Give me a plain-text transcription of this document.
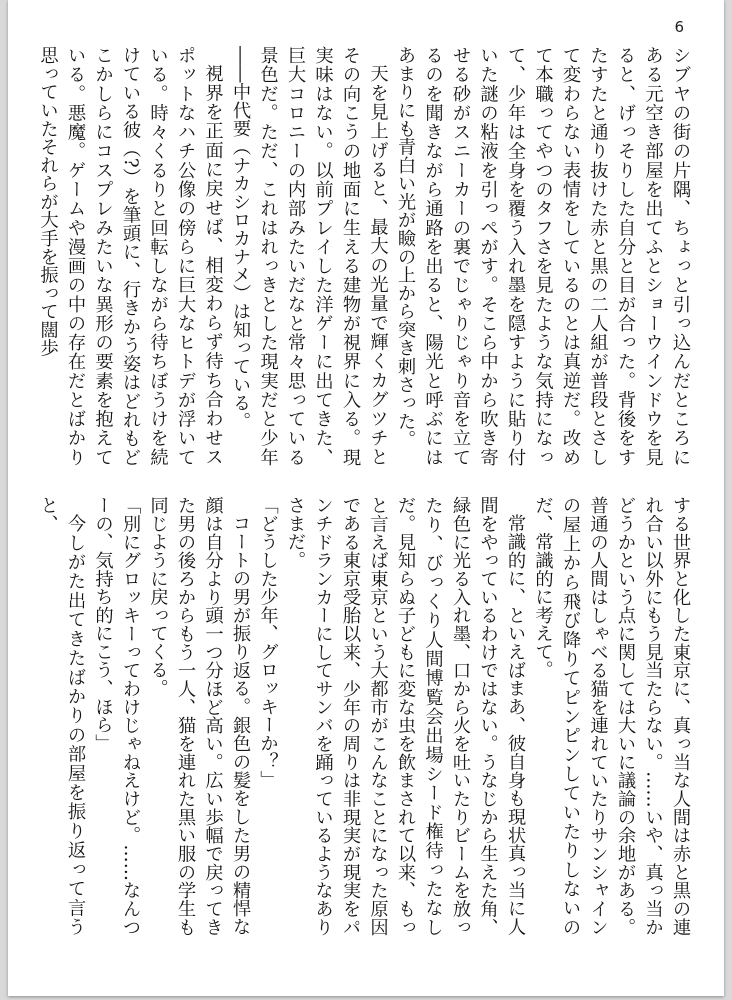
6

シブヤの街の片隅、ちょっと引っ込んだところにある元空き部屋を出てふとショーウインドウを見ると、げっそりした自分と目が合った。背後をすたすたと通り抜けた赤と黒の二人組が普段とさして変わらない表情をしているのとは真逆だ。改めて本職ってやつのタフさを見たような気持になって、少年は全身を覆う入れ墨を隠すように貼り付いた謎の粘液を引っぺがす。そこら中から吹き寄せる砂がスニーカーの裏でじゃりじゃり音を立てるのを聞きながら通路を出ると、陽光と呼ぶにはあまりにも青白い光が瞼の上から突き刺さった。

天を見上げると、最大の光量で輝くカグツチとその向こうの地面に生える建物が視界に入る。現実味はない。以前プレイした洋ゲーに出てきた、巨大コロニーの内部みたいだなと常々思っている景色だ。ただ、これはれっきとした現実だと少年――中代要（ナカシロカナメ）は知っている。

視界を正面に戻せば、相変わらず待ち合わせスポットなハチ公像の傍らに巨大なヒトデが浮いている。時々くるりと回転しながら待ちぼうけを続けている彼（?）を筆頭に、行きかう姿はどれもどこかしらにコスプレみたいな異形の要素を抱えている。悪魔。ゲームや漫画の中の存在だとばかり思っていたそれらが大手を振って闊歩

する世界と化した東京に、真っ当な人間は赤と黒の連れ合い以外にもう見当たらない。……いや、真っ当かどうかという点に関しては大いに議論の余地がある。普通の人間はしゃべる猫を連れていたりサンシャインの屋上から飛び降りてピンピンしていたりしないのだ、常識的に考えて。

常識的に、といえばまあ、彼自身も現状真っ当に人間をやっているわけではない。うなじから生えた角、緑色に光る入れ墨、口から火を吐いたりビームを放ったり、びっくり人間博覧会出場シード権待ったなしだ。見知らぬ子どもに変な虫を飲まされて以来、もっと言えば東京という大都市がこんなことになった原因である東京受胎以来、少年の周りは非現実が現実をパンチドランカーにしてサンバを踊っているようなありさまだ。

「どうした少年、グロッキーか？」

コートの男が振り返る。銀色の髪をした男の精悍な顔は自分より頭一つ分ほど高い。広い歩幅で戻ってきた男の後ろからもう一人、猫を連れた黒い服の学生も同じように戻ってくる。

「別にグロッキーってわけじゃねえけど。……なんつーの、気持ち的にこう、ほら」

今しがた出てきたばかりの部屋を振り返って言うと、
